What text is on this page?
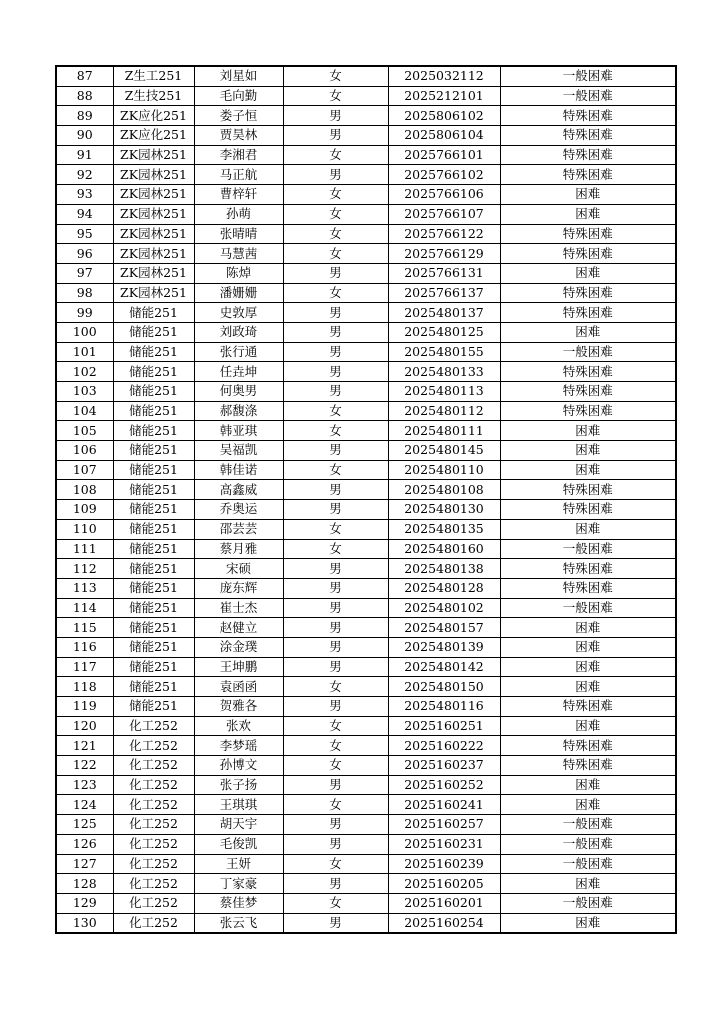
87	Z生工251	刘星如	女	2025032112	一般困难
88	Z生技251	毛向勤	女	2025212101	一般困难
89	ZK应化251	娄子恒	男	2025806102	特殊困难
90	ZK应化251	贾昊林	男	2025806104	特殊困难
91	ZK园林251	李湘君	女	2025766101	特殊困难
92	ZK园林251	马正航	男	2025766102	特殊困难
93	ZK园林251	曹梓轩	女	2025766106	困难
94	ZK园林251	孙萌	女	2025766107	困难
95	ZK园林251	张晴晴	女	2025766122	特殊困难
96	ZK园林251	马慧茜	女	2025766129	特殊困难
97	ZK园林251	陈焯	男	2025766131	困难
98	ZK园林251	潘姗姗	女	2025766137	特殊困难
99	储能251	史敦厚	男	2025480137	特殊困难
100	储能251	刘政琦	男	2025480125	困难
101	储能251	张行通	男	2025480155	一般困难
102	储能251	任垚坤	男	2025480133	特殊困难
103	储能251	何奥男	男	2025480113	特殊困难
104	储能251	郝馥涤	女	2025480112	特殊困难
105	储能251	韩亚琪	女	2025480111	困难
106	储能251	吴福凯	男	2025480145	困难
107	储能251	韩佳诺	女	2025480110	困难
108	储能251	高鑫威	男	2025480108	特殊困难
109	储能251	乔奥运	男	2025480130	特殊困难
110	储能251	邵芸芸	女	2025480135	困难
111	储能251	蔡月雅	女	2025480160	一般困难
112	储能251	宋硕	男	2025480138	特殊困难
113	储能251	庞东辉	男	2025480128	特殊困难
114	储能251	崔士杰	男	2025480102	一般困难
115	储能251	赵健立	男	2025480157	困难
116	储能251	涂金璞	男	2025480139	困难
117	储能251	王坤鹏	男	2025480142	困难
118	储能251	袁函函	女	2025480150	困难
119	储能251	贺雅各	男	2025480116	特殊困难
120	化工252	张欢	女	2025160251	困难
121	化工252	李梦瑶	女	2025160222	特殊困难
122	化工252	孙博文	女	2025160237	特殊困难
123	化工252	张子扬	男	2025160252	困难
124	化工252	王琪琪	女	2025160241	困难
125	化工252	胡天宇	男	2025160257	一般困难
126	化工252	毛俊凯	男	2025160231	一般困难
127	化工252	王妍	女	2025160239	一般困难
128	化工252	丁家豪	男	2025160205	困难
129	化工252	蔡佳梦	女	2025160201	一般困难
130	化工252	张云飞	男	2025160254	困难
